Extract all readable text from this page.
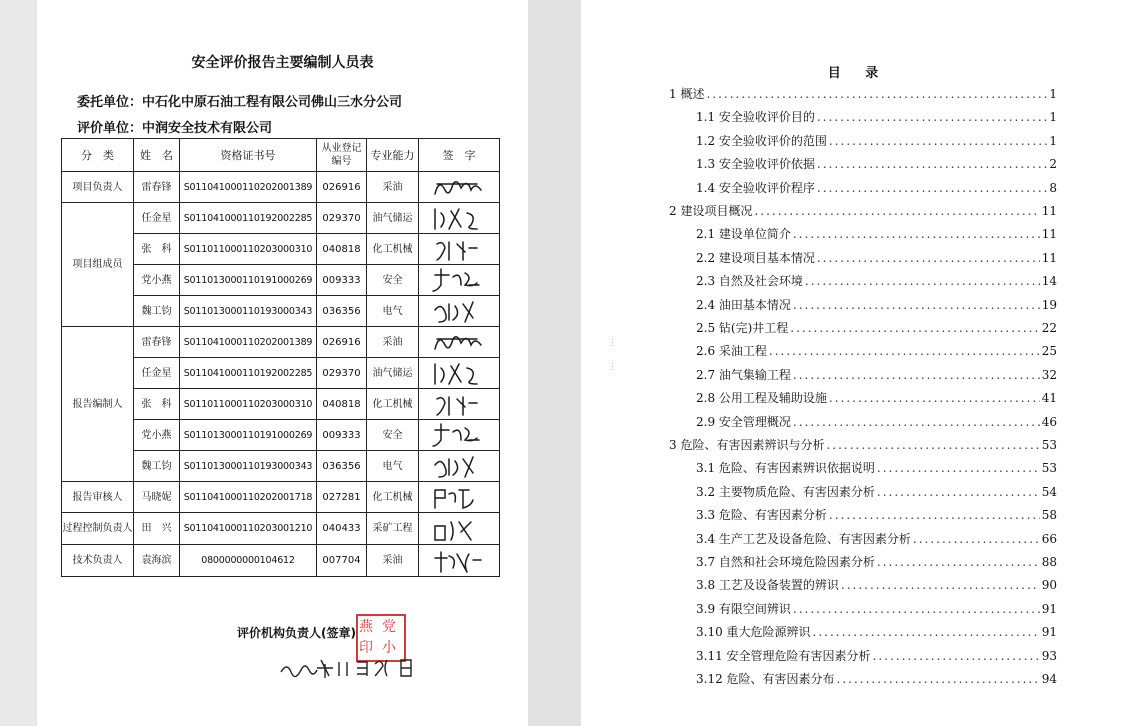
安全评价报告主要编制人员表
委托单位：中石化中原石油工程有限公司佛山三水分公司
评价单位：中润安全技术有限公司
分　类	姓　名	资格证书号	从业登记编号	专业能力	签　字
项目负责人	雷春锋	S011041000110202001389	026916	采油	

项目组成员	任金星	S011041000110192002285	029370	油气储运	

	张　科	S011011000110203000310	040818	化工机械	

	党小燕	S011013000110191000269	009333	安全	

	魏工钧	S011013000110193000343	036356	电气	

报告编制人	雷春锋	S011041000110202001389	026916	采油	

	任金星	S011041000110192002285	029370	油气储运	

	张　科	S011011000110203000310	040818	化工机械	

	党小燕	S011013000110191000269	009333	安全	

	魏工钧	S011013000110193000343	036356	电气	

报告审核人	马晓妮	S011041000110202001718	027281	化工机械	

过程控制负责人	田　兴	S011041000110203001210	040433	采矿工程	

技术负责人	袁海滨	0800000000104612	007704	采油	
评价机构负责人(签章) 燕 党
印 小
目 录
⋮
⋮
1 概述 .....	1
1.1 安全验收评价目的 .....	1
1.2 安全验收评价的范围 .....	1
1.3 安全验收评价依据 .....	2
1.4 安全验收评价程序 .....	8
2 建设项目概况 .....	11
2.1 建设单位简介 .....	11
2.2 建设项目基本情况 .....	11
2.3 自然及社会环境 .....	14
2.4 油田基本情况 .....	19
2.5 钻(完)井工程 .....	22
2.6 采油工程 .....	25
2.7 油气集输工程 .....	32
2.8 公用工程及辅助设施 .....	41
2.9 安全管理概况 .....	46
3 危险、有害因素辨识与分析 .....	53
3.1 危险、有害因素辨识依据说明 .....	53
3.2 主要物质危险、有害因素分析 .....	54
3.3 危险、有害因素分析 .....	58
3.4 生产工艺及设备危险、有害因素分析 .....	66
3.7 自然和社会环境危险因素分析 .....	88
3.8 工艺及设备装置的辨识 .....	90
3.9 有限空间辨识 .....	91
3.10 重大危险源辨识 .....	91
3.11 安全管理危险有害因素分析 .....	93
3.12 危险、有害因素分布 .....	94
